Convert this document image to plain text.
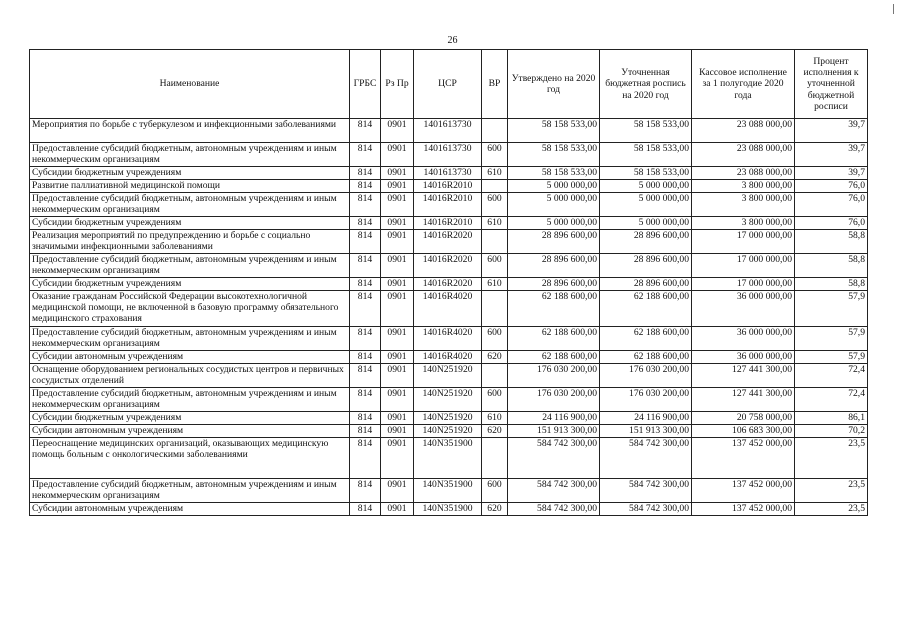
26
Наименование	ГРБС	Рз Пр	ЦСР	ВР	Утверждено на 2020 год	Уточненная бюджетная роспись на 2020 год	Кассовое исполнение за 1 полугодие 2020 года	Процент исполнения к уточненной бюджетной росписи
Мероприятия по борьбе с туберкулезом и инфекционными заболеваниями	814	0901	1401613730		58 158 533,00	58 158 533,00	23 088 000,00	39,7
Предоставление субсидий бюджетным, автономным учреждениям и иным некоммерческим организациям	814	0901	1401613730	600	58 158 533,00	58 158 533,00	23 088 000,00	39,7
Субсидии бюджетным учреждениям	814	0901	1401613730	610	58 158 533,00	58 158 533,00	23 088 000,00	39,7
Развитие паллиативной медицинской помощи	814	0901	14016R2010		5 000 000,00	5 000 000,00	3 800 000,00	76,0
Предоставление субсидий бюджетным, автономным учреждениям и иным некоммерческим организациям	814	0901	14016R2010	600	5 000 000,00	5 000 000,00	3 800 000,00	76,0
Субсидии бюджетным учреждениям	814	0901	14016R2010	610	5 000 000,00	5 000 000,00	3 800 000,00	76,0
Реализация мероприятий по предупреждению и борьбе с социально значимыми инфекционными заболеваниями	814	0901	14016R2020		28 896 600,00	28 896 600,00	17 000 000,00	58,8
Предоставление субсидий бюджетным, автономным учреждениям и иным некоммерческим организациям	814	0901	14016R2020	600	28 896 600,00	28 896 600,00	17 000 000,00	58,8
Субсидии бюджетным учреждениям	814	0901	14016R2020	610	28 896 600,00	28 896 600,00	17 000 000,00	58,8
Оказание гражданам Российской Федерации высокотехнологичной медицинской помощи, не включенной в базовую программу обязательного медицинского страхования	814	0901	14016R4020		62 188 600,00	62 188 600,00	36 000 000,00	57,9
Предоставление субсидий бюджетным, автономным учреждениям и иным некоммерческим организациям	814	0901	14016R4020	600	62 188 600,00	62 188 600,00	36 000 000,00	57,9
Субсидии автономным учреждениям	814	0901	14016R4020	620	62 188 600,00	62 188 600,00	36 000 000,00	57,9
Оснащение оборудованием региональных сосудистых центров и первичных сосудистых отделений	814	0901	140N251920		176 030 200,00	176 030 200,00	127 441 300,00	72,4
Предоставление субсидий бюджетным, автономным учреждениям и иным некоммерческим организациям	814	0901	140N251920	600	176 030 200,00	176 030 200,00	127 441 300,00	72,4
Субсидии бюджетным учреждениям	814	0901	140N251920	610	24 116 900,00	24 116 900,00	20 758 000,00	86,1
Субсидии автономным учреждениям	814	0901	140N251920	620	151 913 300,00	151 913 300,00	106 683 300,00	70,2
Переоснащение медицинских организаций, оказывающих медицинскую помощь больным с онкологическими заболеваниями	814	0901	140N351900		584 742 300,00	584 742 300,00	137 452 000,00	23,5
Предоставление субсидий бюджетным, автономным учреждениям и иным некоммерческим организациям	814	0901	140N351900	600	584 742 300,00	584 742 300,00	137 452 000,00	23,5
Субсидии автономным учреждениям	814	0901	140N351900	620	584 742 300,00	584 742 300,00	137 452 000,00	23,5
